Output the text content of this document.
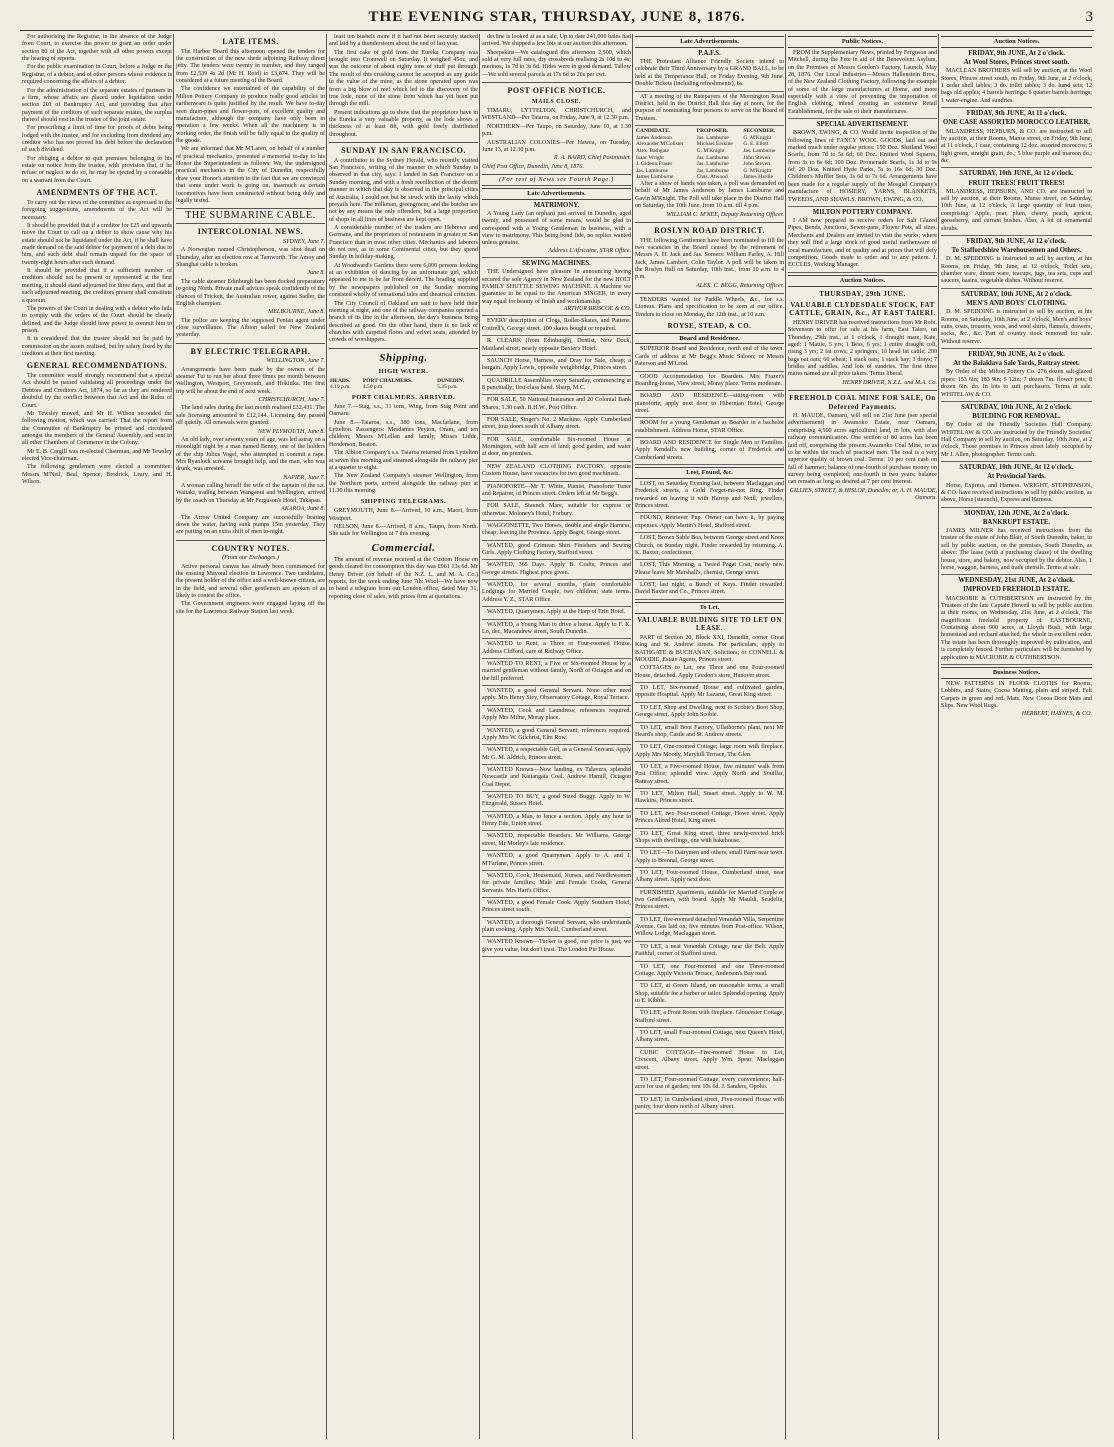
THE EVENING STAR, THURSDAY, JUNE 8, 1876.	3

For authorising the Registrar, in the absence of the Judge from Court, to exercise the power to grant an order under section 80 of the Act, together with all other powers except the hearing of reports.

For the public examination in Court, before a Judge or the Registrar, of a debtor, and of other persons whose evidence is required concerning the affairs of a debtor.

For the administration of the separate estates of partners in a firm, whose affairs are placed under liquidation under section 201 of Bankruptcy Act, and providing that after payment of the creditors of such separate estates, the surplus thereof should vest in the trustee of the joint estate.

For prescribing a limit of time for proofs of debts being lodged with the trustee, and for excluding from dividend any creditor who has not proved his debt before the declaration of such dividend.

For obliging a debtor to quit premises belonging to his estate on notice from the trustee, with provision that, if he refuse or neglect to do so, he may be ejected by a constable on a warrant from the Court.

AMENDMENTS OF THE ACT.

To carry out the views of the committee as expressed in the foregoing suggestions, amendments of the Act will be necessary.

It should be provided that if a creditor for £25 and upwards move the Court to call on a debtor to show cause why his estate should not be liquidated under the Act, if he shall have made demand on the said debtor for payment of a debt due to him, and such debt shall remain unpaid for the space of twenty-eight hours after such demand.

It should be provided that if a sufficient number of creditors should not be present or represented at the first meeting, it should stand adjourned for three days, and that at such adjourned meeting, the creditors present shall constitute a quorum.

The powers of the Court in dealing with a debtor who fails to comply with the orders of the Court should be clearly defined, and the Judge should have power to commit him to prison.

It is considered that the trustee should not be paid by commission on the assets realised, but by salary fixed by the creditors at their first meeting.

GENERAL RECOMMENDATIONS.

The committee would strongly recommend that a special Act should be passed validating all proceedings under the Debtors and Creditors Act, 1874, so far as they are rendered doubtful by the conflict between that Act and the Rules of Court.

Mr Tewsley moved, and Mr H. Wilson seconded the following motion, which was carried: That the report from the Committee of Bankruptcy be printed and circulated amongst the members of the General Assembly, and sent to all other Chambers of Commerce in the Colony.

Mr E. B. Cargill was re-elected Chairman, and Mr Tewsley elected Vice-chairman.

The following gentlemen were elected a committee: Messrs M'Neil, Beal, Spence, Brodrick, Leary, and H. Wilson.

LATE ITEMS.

The Harbor Board this afternoon opened the tenders for the construction of the new sheds adjoining Railway direct jetty. The tenders were twenty in number, and they ranged from £2,539 4s 2d (Mr H. Reid) to £3,874. They will be considered at a future meeting of the Board.

The confidence we entertained of the capability of the Milton Pottery Company to produce really good articles in earthenware is quite justified by the result. We have to-day seen drain-pipes and flower-pots, of excellent quality and manufacture, although the company have only been in operation a few weeks. When all the machinery is in working order, the finish will be fully equal to the quality of the goods.

We are informed that Mr M'Laren, on behalf of a number of practical mechanics, presented a memorial to-day to his Honor the Superintendent as follows: We, the undersigned practical mechanics in the City of Dunedin, respectfully draw your Honor's attention to the fact that we are convinced that some under work is going on, inasmuch as certain locomotives have been constructed without being duly and legally tested.

THE SUBMARINE CABLE.
INTERCOLONIAL NEWS.
SYDNEY, June 7.

A Norwegian named Christopherson, was shot dead on Thursday, after an election row at Tamworth. The Amoy and Shanghai cable is broken.

June 8.

The cable steamer Edinburgh has been docked preparatory to going North. Private mail advices speak confidently of the chances of Trickett, the Australian rower, against Sadler, the English champion.

MELBOURNE, June 8.

The police are keeping the supposed Fenian agent under close surveillance. The Albion sailed for New Zealand yesterday.

BY ELECTRIC TELEGRAPH.
WELLINGTON, June 7.

Arrangements have been made by the owners of the steamer Tui to run her about three times per month between Wellington, Westport, Greymouth, and Hokitika. Her first trip will be about the end of next week.

CHRISTCHURCH, June 7.

The land sales during the last month realised £32,431. The sale licensing amounted to £12,144. Licensing day passed off quietly. All renewals were granted.

NEW PLYMOUTH, June 8.

An old lady, over seventy years of age, was led astray on a moonlight night by a man named Benny, one of the holders of the ship Julius Vogel, who attempted to commit a rape. Mrs Ryanlock screams brought help, and the man, who was drunk, was arrested.

NAPIER, June 7.

A woman calling herself the wife of the captain of the s.s. Waitaki, trading between Wanganui and Wellington, arrived by the coach on Thursday at Mr Ferguson's Hotel, Takapau.

AKAROA, June 8.

The Arrow United Company are successfully beating down the water, having sunk pumps 15in yesterday. They are putting on an extra shift of men to-night.

COUNTRY NOTES.
(From our Exchanges.)

Active personal canvas has already been commenced for the ensuing Mayoral election in Lawrence. Two candidates, the present holder of the office and a well-known citizen, are in the field, and several other gentlemen are spoken of as likely to contest the office.

The Government engineers were engaged laying off the site for the Lawrence Railway Station last week.

least ten bushels more if it had not been securely stacked and laid by a thunderstorm about the end of last year.

The first cake of gold from the Eureka Company was brought into Cromwell on Saturday. It weighed 45oz, and was the outcome of about eighty tons of stuff put through. The result of this crushing cannot be accepted as any guide to the value of the mine, as the stone operated upon was from a big blow of reef which led to the discovery of the true lode, none of the stone from which has yet been put through the mill.

Present indications go to show that the proprietors have in the Eureka a very valuable property, as the lode shows a thickness of at least 8ft, with gold freely distributed throughout.

SUNDAY IN SAN FRANCISCO.

A contributor to the Sydney Herald, who recently visited San Francisco, writing of the manner in which Sunday is observed in that city, says: I landed in San Francisco on a Sunday morning, and with a fresh recollection of the decent manner in which that day is observed in the principal cities of Australia, I could not but be struck with the laxity which prevails here. The milkman, greengrocer, and the butcher are not by any means the only offenders, but a large proportion of shops in all lines of business are kept open.

A considerable number of the traders are Hebrews and Germans, and the proprietors of restaurants in greater or San Francisco than in most other cities. Mechanics and laborers do not rest, as in some Continental cities, but they spend Sunday in holiday-making.

At Woodward's Gardens there were 6,000 persons looking at an exhibition of dancing by an unfortunate girl, which appeared to me to be far from decent. The heading supplied by the newspapers published on the Sunday morning consisted wholly of sensational tales and theatrical criticism.

The City Council of Oakland are said to have held their meeting at night, and one of the railway companies opened a branch of its line in the afternoon, the day's business being described as good. On the other hand, there is no lack of churches with carpeted floors and velvet seats, attended by crowds of worshippers.

Shipping.
HIGH WATER.
HEADS.	PORT CHALMERS.	DUNEDIN.
4.19 p.m.	4.50 p.m.	5.35 p.m.
PORT CHALMERS. ARRIVED.

June 7.—Stag, s.s., 31 tons, Wing, from Stag Point and Oamaru.

June 8.—Taiaroa, s.s., 380 tons, Macfarlane, from Lyttelton. Passengers: Mesdames Peyton, Oram, and ten children; Messrs M'Lellan and family, Misses Lidde, Henderson, Beaton.

The Albion Company's s.s. Taiaroa returned from Lyttelton at seven this morning and steamed alongside the railway pier at a quarter to eight.

The New Zealand Company's steamer Wellington, from the Northern ports, arrived alongside the railway pier at 11.30 this morning.

SHIPPING TELEGRAMS.

GREYMOUTH, June 8.—Arrived, 10 a.m., Maori, from Westport.

NELSON, June 8.—Arrived, 8 a.m., Taupo, from North. She sails for Wellington at 7 this evening.

Commercial.

The amount of revenue received at the Custom House on goods cleared for consumption this day was £961 13s 6d. Mr Henry Driver (on behalf of the N.Z. L. and M. A. Co.) reports, for the week ending June 7th: Wool—We have now to hand a telegram from our London office, dated May 31, reporting close of sales, with prices firm at quotations.

decline is looked at as a sale, Up to date 241,000 bales had arrived. We shipped a few lots at our auction this afternoon.

Sheepskins—We catalogued this afternoon 2,500, which sold at very full rates, dry crossbreds realising 2s 10d to 4s; merinos, 1s 7d to 3s 6d. Hides were in good demand. Tallow—We sold several parcels at 17s 6d to 26s per cwt.

POST OFFICE NOTICE.
MAILS CLOSE.

TIMARU, LYTTELTON, CHRISTCHURCH, and WESTLAND—Per Taiaroa, on Friday, June 9, at 12.30 p.m.

NORTHERN—Per Taupo, on Saturday, June 10, at 1.30 p.m.

AUSTRALIAN COLONIES—Per Hawea, on Tuesday, June 13, at 12.30 p.m.

R. A. BAIRD, Chief Postmaster.
Chief Post Office, Dunedin, June 8, 1876.
(For rest of News see Fourth Page.)
Late Advertisements.
MATRIMONY.
A Young Lady (an orphan) just arrived in Dunedin, aged twenty, and possessed of some means, would be glad to correspond with a Young Gentleman in business, with a view to matrimony. This being bond fide, no replies wanted unless genuine.
Address L'Africaine, STAR Office.
SEWING MACHINES.
THE Undersigned have pleasure in announcing having secured the sole Agency in New Zealand for the new HOLT FAMILY SHUTTLE SEWING MACHINE. A Machine we guarantee to be equal to the American SINGER, in every way equal for beauty of finish and workmanship.
ARTHUR BRISCOE & CO.
EVERY description of Clogs, Roller-Skates, and Pattens. Cottrell's, George street. 100 skates bought or repaired.
R. CLEARK (from Edinburgh), Dentist, New Dock, Maitland street; nearly opposite Baxter's Hotel.
SAUNCH Horse, Harness, and Dray for Sale, cheap; a bargain. Apply Lewis, opposite weighbridge, Princes street.
QUADRILLE Assemblies every Saturday, commencing at 8 punctually; first-class band. Sharp, M.C.
FOR SALE, 50 National Insurance and 20 Colonial Bank Shares; 1.30 cash. B.H.W., Post Office.
FOR SALE, Singer's No. 2 Machine. Apply Cumberland street, four doors south of Albany street.
FOR SALE, comfortable Six-roomed House at Mornington, with half acre of land; good garden, and water at door, on premises.
NEW ZEALAND CLOTHING FACTORY, opposite Custom House, have vacancies for two good machinists.
PIANOFORTE—Mr T. White, Pianist, Pianoforte Tuner and Repairer, of Princes street. Orders left at Mr Begg's.
FOR SALE, Staunch Mare, suitable for express or otherwise. Moloney's Hotel, Forbury.
WAGGONETTE, Two Horses, double and single Harness, cheap; leaving the Province. Apply Bagot, Grange street.
WANTED, good Crimean Shirt Finishers and Sewing Girls. Apply Clothing Factory, Stafford street.
WANTED, 365 Days. Apply B. Crafts, Princes and George streets. Highest price given.
WANTED, for several months, plain comfortable Lodgings for Married Couple, two children; state terms. Address Y. Z., STAR Office.
WANTED, Quarrymen. Apply at the Harp of Erin Hotel.
WANTED, a Young Man to drive a horse. Apply to F. K. Lo, dec, Macandrew street, South Dunedin.
WANTED to Rent, a Three or Four-roomed House. Address Clifford, care of Railway Office.
WANTED TO RENT, a Five or Six-roomed House by a married gentleman without family, North of Octagon and on the hill preferred.
WANTED, a good General Servant. None other need apply. Mrs Henry Siey, Observatory Cottage, Royal Terrace.
WANTED, Cook and Laundress; references required. Apply Mrs Milne, Moray place.
WANTED, a good General Servant; references required. Apply Mrs W. Gilchrist, Elm Row.
WANTED, a respectable Girl, as a General Servant. Apply Mr G. M. Aldrich, Princes street.
WANTED Known—Now landing, ex Talavera, splendid Newcastle and Kaitangata Coal. Andrew Hamill, Octagon Coal Depot.
WANTED TO BUY, a good Sized Buggy. Apply to W. Fitzgerald, Sussex Hotel.
WANTED, a Man, to fence a section. Apply any hour to Henry Ede, Union street.
WANTED, respectable Boarders. Mr Williams, George street, Mr Morley's late residence.
WANTED, a good Quarryman. Apply to A. and J. M'Farlane, Princes street.
WANTED, Cook, Housemaid, Nurses, and Needlewomen for private families; Male and Female Cooks, General Servants. Mrs Hart's Office.
WANTED, a good Female Cook. Apply Southern Hotel, Princes street south.
WANTED, a thorough General Servant, who understands plain cooking. Apply Mrs Neill, Cumberland street.
WANTED Known—Tucker is good, our price is just; we give you value, but don't trust. The London Pie House.
Late Advertisements.
P.A.F.S.
THE Protestant Alliance Friendly Society intend to celebrate their Third Anniversary by a GRAND BALL, to be held at the Temperance Hall, on Friday Evening, 9th June. Double Tickets (including refreshments), 6s.
AT a meeting of the Ratepayers of the Mornington Road District, held in the District Hall this day at noon, for the purpose of nominating four persons to serve on the Board of Trustees.
CANDIDATE.	PROPOSER.	SECONDER.
James Anderson	Jas. Lamburne	G. M'Knight
Alexander M'Colister	Michael Erskine	G. E. Eliott
Alex. Bathgate	G. M'Knight	Jas. Lamburne
Isaac Wright	Jas. Lamburne	John Steven
J. Gideon Fraser	Jas. Lamburne	John Steven
Jas. Lamburne	Jas. Lamburne	G. M'Knight
James Lamburne	Chas. Atwood	James Hardie

After a show of hands was taken, a poll was demanded on behalf of Mr James Anderson by James Lamburne and Gavin M'Knight. The Poll will take place in the District Hall on Saturday, the 10th June, from 10 a.m. till 4 p.m.

WILLIAM C. M'NEE, Deputy Returning Officer.
ROSLYN ROAD DISTRICT.

THE following Gentlemen have been nominated to fill the two vacancies in the Board caused by the retirement of Messrs A. H. Jack and Jas. Somers: William Parley, A. Hill Jack, James Lambert, Colin Taylor. A poll will be taken in the Roslyn Hall on Saturday, 10th inst., from 10 a.m. to 4 p.m.

ALEX. C. BEGG, Returning Officer.

TENDERS wanted for Paddle Wheels, &c., for s.s. Lioness. Plans and specification to be seen at our office. Tenders to close on Monday, the 12th inst., at 10 a.m.

ROYSE, STEAD, & CO.
Board and Residence.
SUPERIOR Board and Residence, north end of the town. Cards of address at Mr Begg's Music Saloon; or Messrs Paterson and M'Leod.
GOOD Accommodation for Boarders. Mrs Frazer's Boarding-house, View street, Moray place. Terms moderate.
BOARD AND RESIDENCE—sitting-room with pianoforte; apply next door to Hibernian Hotel, George street.
ROOM for a young Gentleman as Boarder in a bachelor establishment. Address Home, STAR Office.
BOARD AND RESIDENCE for Single Men or Families. Apply Kendall's new building, corner of Frederick and Cumberland streets.
Lost, Found, &c.
LOST, on Saturday Evening last, between Maclaggan and Frederick streets, a Gold Forget-me-not Ring. Finder rewarded on leaving it with Harrop and Neill, jewellers, Princes street.
FOUND, Retriever Pup. Owner can have it, by paying expenses. Apply Martin's Hotel, Stafford street.
LOST, Brown Sable Boa, between George street and Knox Church, on Sunday night. Finder rewarded by returning. A. K. Baxter, confectioner.
LOST, This Morning, a Tweed Pagat Coat, nearly new. Please leave Mr Marshall's, chemist, George street.
LOST, last night, a Bunch of Keys. Finder rewarded. David Baxter and Co., Princes street.
To Let.
VALUABLE BUILDING SITE TO LET ON LEASE.

PART of Section 20, Block XXI, Dunedin, corner Great King and St. Andrew streets. For particulars, apply to BATHGATE & BUCHANAN, Solicitors; or CONNELL & MOODIE, Estate Agents, Princes street.

COTTAGES to Let, one Three and one Four-roomed House, detached. Apply Gordon's store, Hanover street.
TO LET, Six-roomed House and cultivated garden, opposite Hospital. Apply Mr Lazarus, Great King street.
TO LET, Shop and Dwelling, next to Scobie's Boot Shop, George street. Apply John Scobie.
TO LET, small Boot Factory, Ullathorne's plant, next Mr Heard's shop, Castle and St. Andrew streets.
TO LET, One-roomed Cottage; large room with fireplace. Apply Mrs Moody, Maryhill Terrace, The Glen.
TO LET, a Five-roomed House, five minutes' walk from Post Office; splendid view. Apply North and Souillar, Rattray street.
TO LET, Milton Hall, Stuart street. Apply to W. M. Hawkins, Princes street.
TO LET, two Four-roomed Cottage, Howe street. Apply Princes Alfred Hotel, King street.
TO LET, Great King street, three newly-erected brick Shops with dwellings, one with bakehouse.
TO LET—To Dairymen and others, small Farm near town. Apply to Brennal, George street.
TO LET, Four-roomed House, Cumberland street, near Albany street. Apply next door.
FURNISHED Apartments, suitable for Married Couple or two Gentlemen, with board. Apply Mr Mauldi, Scudelin, Princes street.
TO LET, five-roomed detached Verandah Villa, Serpentine Avenue. Gas laid on; five minutes from Post-office. Wilson, Willow Lodge, Maclaggan street.
TO LET, a neat Verandah Cottage, near the Belt. Apply Faithful, corner of Stafford street.
TO LET, one Four-roomed and one Three-roomed Cottage. Apply Victoria Terrace, Anderson's Bay road.
TO LET, at Green Island, on reasonable terms, a small Shop, suitable for a barber or tailor. Splendid opening. Apply to E. Kibble.
TO LET, a Front Room with fireplace. Gloucester Cottage, Stafford street.
TO LET, small Four-roomed Cottage, next Queen's Hotel, Albany street.
CUBIC COTTAGE—Five-roomed House to Let, Crescent, Albany street. Apply Wm. Spear, Maclaggan street.
TO LET, Four-roomed Cottage, every convenience; half-acre for use of garden; rent 10s 6d. J. Sanders, Opoho.
TO LET, in Cumberland street, Five-roomed House with pantry, four doors north of Albany street.
Public Notices.
FROM the Supplementary News, printed by Ferguson and Mitchell, during the Fete in aid of the Benevolent Asylum, on the Premises of Messrs Gordon's Factory, Launch, May 28, 1876. Our Local Industries—Messrs Hallenstein Bros., of the New Zealand Clothing Factory, following the example of some of the large manufacturers at Home, and more especially with a view of preventing the importation of English clothing, intend creating an extensive Retail Establishment, for the sale of their manufactures.
SPECIAL ADVERTISEMENT.
BROWN, EWING, & CO. Would invite inspection of the following lines of FANCY WOOL GOODS, laid out and marked much under regular prices: 150 Doz. Shetland Wool Scarfs, from 7d to 5s 6d; 60 Doz. Knitted Wool Squares, from 3s to 6s 6d; 100 Doz. Promenade Scarfs, 1s 3d to 9s 6d; 20 Doz. Knitted Hyde Parks, 5s to 16s 6d; 30 Doz. Children's Muffler Sets, 3s 6d to 7s 6d. Arrangements have been made for a regular supply of the Mosgiel Company's manufacture of HOSIERY, YARNS, BLANKETS, TWEEDS, AND SHAWLS. BROWN, EWING, & CO.
MILTON POTTERY COMPANY.
I AM now prepared to receive orders for Salt Glazed Pipes, Bends, Junctions, Sewer-pans, Flower Pots, all sizes. Merchants and Dealers are invited to visit the works; where they will find a large stock of good useful earthenware of local manufacture, and of quality and at prices that will defy competition. Goods made to order and to any pattern. J. ECCLES, Working Manager.
Auction Notices.
THURSDAY, 29th JUNE.
VALUABLE CLYDESDALE STOCK, FAT CATTLE, GRAIN, &c., AT EAST TAIERI.

HENRY DRIVER has received instructions from Mr Robt. Stevenson to offer for sale at his farm, East Taieri, on Thursday, 29th inst., at 1 o'clock, 1 draught mare, Kate, aged; 1 Mattie, 5 yrs; 1 Bess, 6 yrs; 1 entire draught colt, rising 3 yrs; 2 fat cows; 2 springers; 10 head fat cattle; 200 bags oat oats; 60 wheat; 1 stack oats; 1 stack hay; 3 drays; 7 bridles and saddles. And lots of sundries. The first three mares named are all prize takers. Terms liberal.

HENRY DRIVER, N.Z.L. and M.A. Co.
FREEHOLD COAL MINE FOR SALE, On Deferred Payments.

H. MAUDE, Oamaru, will sell on 21st June (see special advertisement) in Awamoko Estate, near Oamaru, comprising 4,500 acres agricultural land, in lots, with also railway communication. One section of 80 acres has been laid off, comprising the present Awamoko Coal Mine, so as to be within the reach of practical men. The coal is a very superior quality of brown coal. Terms: 10 per cent cash on fall of hammer; balance of one-fourth of purchase money on survey being completed; one-fourth in two years; balance can remain as long as desired at 7 per cent interest.

GILLIES, STREET, & HISLOP, Dunedin; or, A. H. MAUDE, Oamaru.
Auction Notices.
FRIDAY, 9th JUNE, At 2 o'clock.
At Wool Stores, Princes street south.
MACLEAN BROTHERS will sell by auction, at the Wool Stores, Princes street south, on Friday, 9th June, at 2 o'clock, 1 cedar shell tables; 3 do. toilet tables; 3 do. hand sets; 12 bags old apples; 4 barrels herrings; 6 quarter barrels herrings; 1 water-engine. And sundries.
FRIDAY, 9th JUNE, At 11 o'clock.
ONE CASE ASSORTED MOROCCO LEATHER.
MLANDRESS, HEPBURN, & CO. are instructed to sell by auction, at their Rooms, Manse street, on Friday, 9th June, at 11 o'clock, 1 case, containing 12 doz. assorted moroccos; 5 light green, straight grain, do.; 5 blue purple and maroon do.; &c.
SATURDAY, 10th JUNE, At 12 o'clock.
FRUIT TREES! FRUIT TREES!
MLANDRESS, HEPBURN, AND CO. are instructed to sell by auction, at their Rooms, Manse street, on Saturday, 10th June, at 12 o'clock, A large quantity of fruit trees, comprising: Apple, pear, plum, cherry, peach, apricot, gooseberry, and currant bushes. Also, A lot of ornamental shrubs.
FRIDAY, 9th JUNE, At 12 o'clock.
To Staffordshire Warehousemen and Others.
D. M. SPEDDING is instructed to sell by auction, at his Rooms, on Friday, 9th June, at 12 o'clock, Toilet sets, chamber ware, dinner ware, teacups, jugs, tea sets, cups and saucers, basins, vegetable dishes. Without reserve.
SATURDAY, 10th JUNE, At 2 o'clock.
MEN'S AND BOYS' CLOTHING.
D. M. SPEDDING is instructed to sell by auction, at his Rooms, on Saturday, 10th June, at 2 o'clock, Men's and boys' suits, coats, trousers, vests, and wool shirts, flannels, drawers, socks, &c., &c. Part of country stock removed for sale. Without reserve.
FRIDAY, 9th JUNE, At 2 o'clock.
At the Balaklava Sale Yards, Rattray street.
By Order of the Milton Pottery Co. 276 dozen salt-glazed pipes: 153 6in; 183 9in; 5 12in; 7 dozen 7in. flower pots; 8 dozen 6in. do. In lots to suit purchasers. Terms at sale. WHITELAW & CO.
SATURDAY, 10th JUNE, At 2 o'clock.
BUILDING FOR REMOVAL.
By Order of the Friendly Societies Hall Company. WHITELAW & CO. are instructed by the Friendly Societies' Hall Company to sell by auction, on Saturday, 10th June, at 2 o'clock, Those premises in Princes street lately occupied by Mr J. Allen, photographer. Terms cash.
SATURDAY, 10th JUNE, At 12 o'clock.
At Provincial Yards.
Horse, Express, and Harness. WRIGHT, STEPHENSON, & CO. have received instructions to sell by public auction, as above, Horse (staunch), Express and Harness.
MONDAY, 12th JUNE, At 2 o'clock.
BANKRUPT ESTATE.
JAMES MILNER has received instructions from the trustee of the estate of John Blair, of South Dunedin, baker, to sell by public auction, on the premises, South Dunedin, as above: The lease (with a purchasing clause) of the dwelling house, store, and bakery, now occupied by the debtor. Also, 1 horse, waggon, harness, and trade utensils. Terms at sale.
WEDNESDAY, 21st JUNE, At 2 o'clock.
IMPROVED FREEHOLD ESTATE.
MACROBIE & CUTHBERTSON are instructed by the Trustees of the late Captain Howell to sell by public auction at their rooms, on Wednesday, 21st June, at 2 o'clock, The magnificent freehold property of EASTBOURNE, Containing about 900 acres, at Lloyds Bush, with large homestead and orchard attached, the whole in excellent order. The estate has been thoroughly improved by cultivation, and is completely fenced. Further particulars will be furnished by application to MACROBIE & CUTHBERTSON.
Business Notices.

NEW PATTERNS IN FLOOR CLOTHS for Rooms, Lobbies, and Stairs; Cocoa Matting, plain and striped. Felt Carpets in green and red. Mats. New Cocoa Door Mats and Slips. New Wool Rugs.

HERBERT, HAYNES, & CO.
